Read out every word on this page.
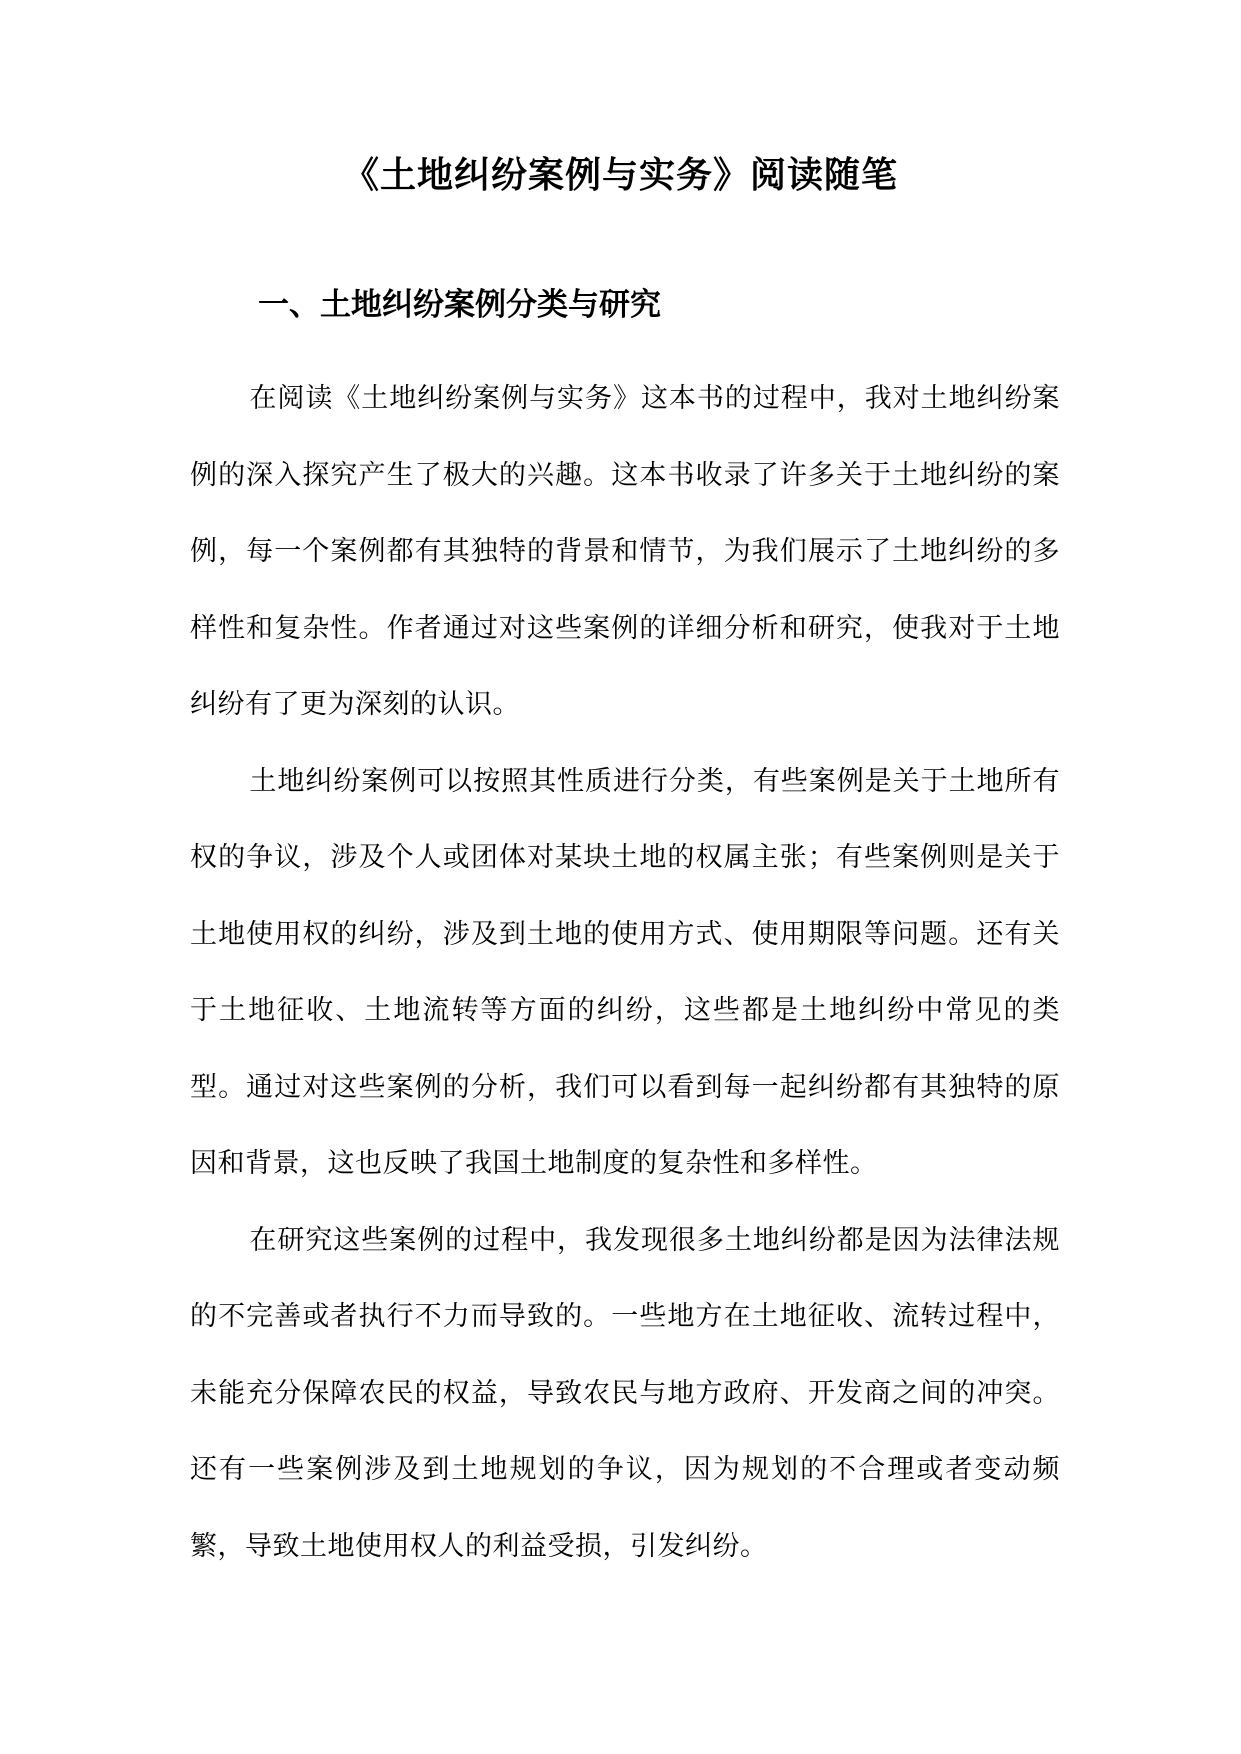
《土地纠纷案例与实务》阅读随笔
一、土地纠纷案例分类与研究

在阅读《土地纠纷案例与实务》这本书的过程中，我对土地纠纷案例的深入探究产生了极大的兴趣。这本书收录了许多关于土地纠纷的案例，每一个案例都有其独特的背景和情节，为我们展示了土地纠纷的多样性和复杂性。作者通过对这些案例的详细分析和研究，使我对于土地纠纷有了更为深刻的认识。

土地纠纷案例可以按照其性质进行分类，有些案例是关于土地所有权的争议，涉及个人或团体对某块土地的权属主张；有些案例则是关于土地使用权的纠纷，涉及到土地的使用方式、使用期限等问题。还有关于土地征收、土地流转等方面的纠纷，这些都是土地纠纷中常见的类型。通过对这些案例的分析，我们可以看到每一起纠纷都有其独特的原因和背景，这也反映了我国土地制度的复杂性和多样性。

在研究这些案例的过程中，我发现很多土地纠纷都是因为法律法规的不完善或者执行不力而导致的。一些地方在土地征收、流转过程中，未能充分保障农民的权益，导致农民与地方政府、开发商之间的冲突。还有一些案例涉及到土地规划的争议，因为规划的不合理或者变动频繁，导致土地使用权人的利益受损，引发纠纷。
